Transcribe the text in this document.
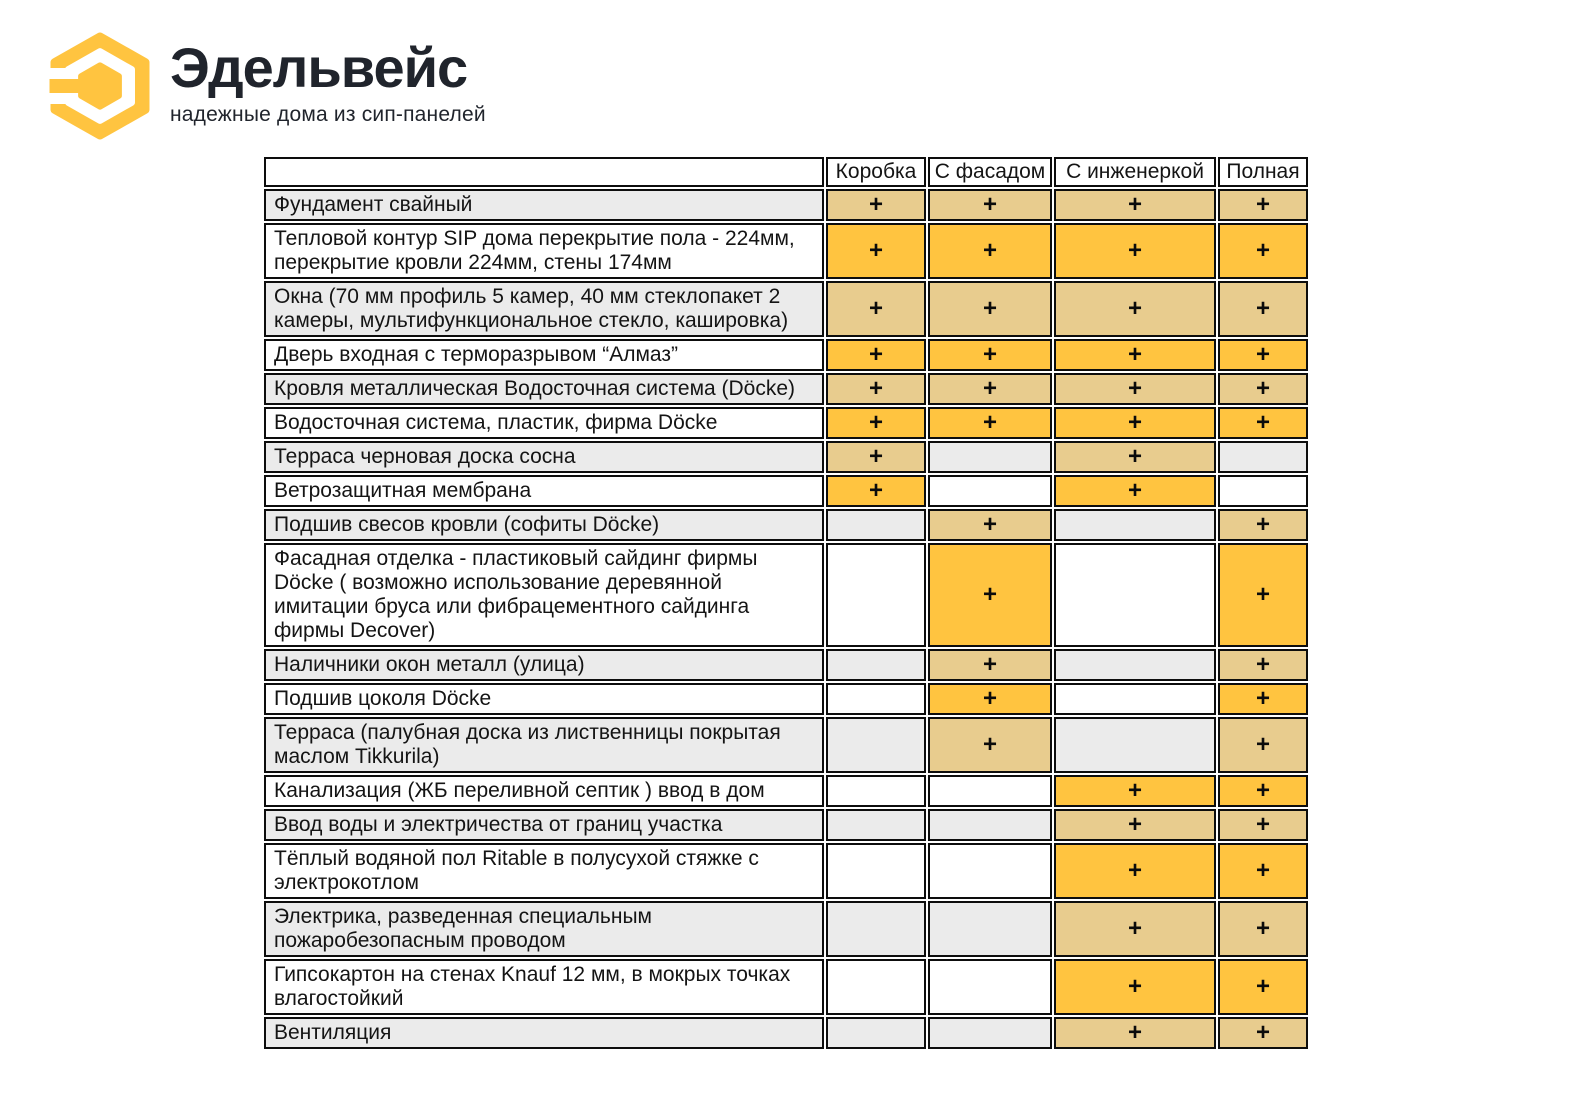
Эдельвейс
надежные дома из сип-панелей
	Коробка	С фасадом	С инженеркой	Полная
Фундамент свайный	+	+	+	+
Тепловой контур SIP дома перекрытие пола - 224мм, перекрытие кровли 224мм, стены 174мм	+	+	+	+
Окна (70 мм профиль 5 камер, 40 мм стеклопакет 2 камеры, мультифункциональное стекло, кашировка)	+	+	+	+
Дверь входная с терморазрывом “Алмаз”	+	+	+	+
Кровля металлическая Водосточная система (Döcke)	+	+	+	+
Водосточная система, пластик, фирма Döcke	+	+	+	+
Терраса черновая доска сосна	+		+	
Ветрозащитная мембрана	+		+	
Подшив свесов кровли (софиты Döcke)		+		+
Фасадная отделка - пластиковый сайдинг фирмы Döcke ( возможно использование деревянной имитации бруса или фибрацементного сайдинга фирмы Decover)		+		+
Наличники окон металл (улица)		+		+
Подшив цоколя Döcke		+		+
Терраса (палубная доска из лиственницы покрытая маслом Tikkurila)		+		+
Канализация (ЖБ переливной септик ) ввод в дом			+	+
Ввод воды и электричества от границ участка			+	+
Тёплый водяной пол Ritable в полусухой стяжке с электрокотлом			+	+
Электрика, разведенная специальным пожаробезопасным проводом			+	+
Гипсокартон на стенах Knauf 12 мм, в мокрых точках влагостойкий			+	+
Вентиляция			+	+
